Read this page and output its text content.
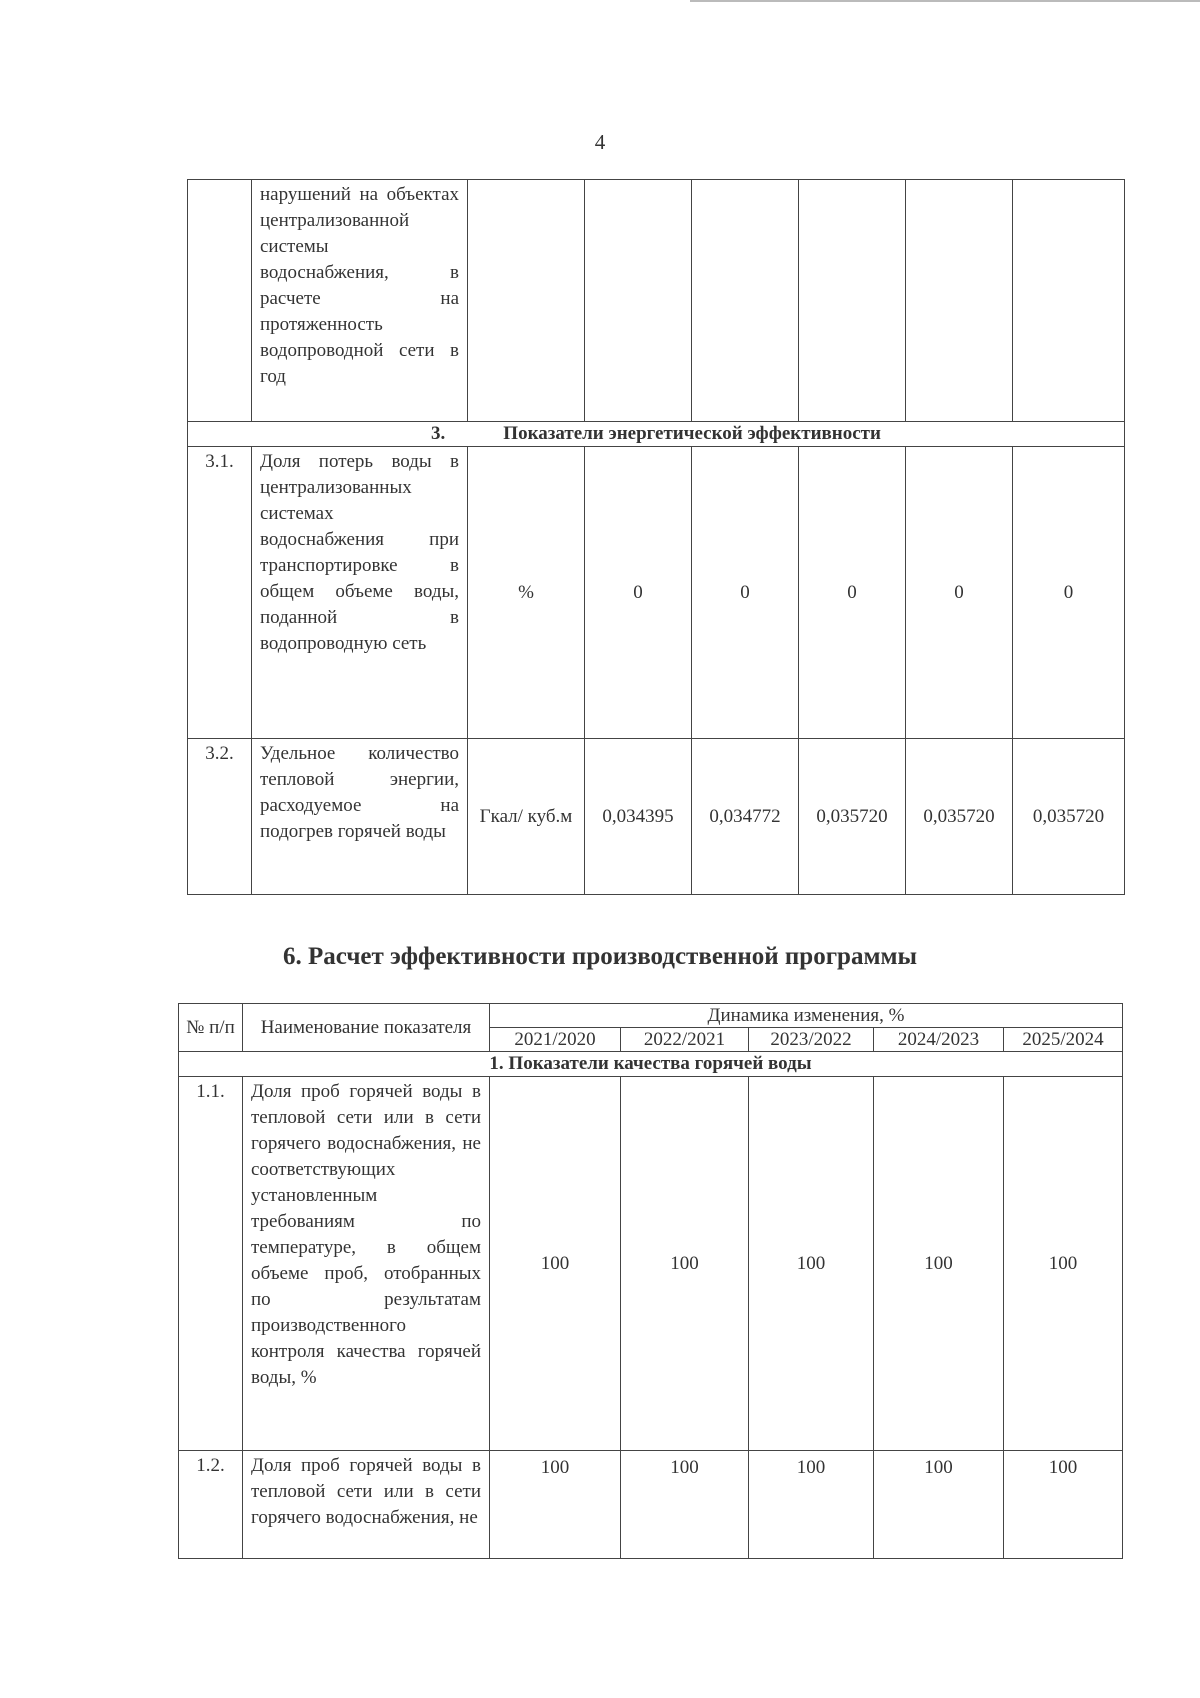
4
	нарушений на объектах централизованной системы водоснабжения, в расчете на протяженность водопроводной сети в год						
3. Показатели энергетической эффективности							
3.1.	Доля потерь воды в централизованных системах водоснабжения при транспортировке в общем объеме воды, поданной в водопроводную сеть	%	0	0	0	0	0
3.2.	Удельное количество тепловой энергии, расходуемое на подогрев горячей воды	Гкал/ куб.м	0,034395	0,034772	0,035720	0,035720	0,035720
6. Расчет эффективности производственной программы
№ п/п	Наименование показателя	Динамика изменения, %				
		2021/2020	2022/2021	2023/2022	2024/2023	2025/2024
1. Показатели качества горячей воды						
1.1.	Доля проб горячей воды в тепловой сети или в сети горячего водоснабжения, не соответствующих установленным требованиям по температуре, в общем объеме проб, отобранных по результатам производственного контроля качества горячей воды, %	100	100	100	100	100
1.2.	Доля проб горячей воды в тепловой сети или в сети горячего водоснабжения, не	100	100	100	100	100
